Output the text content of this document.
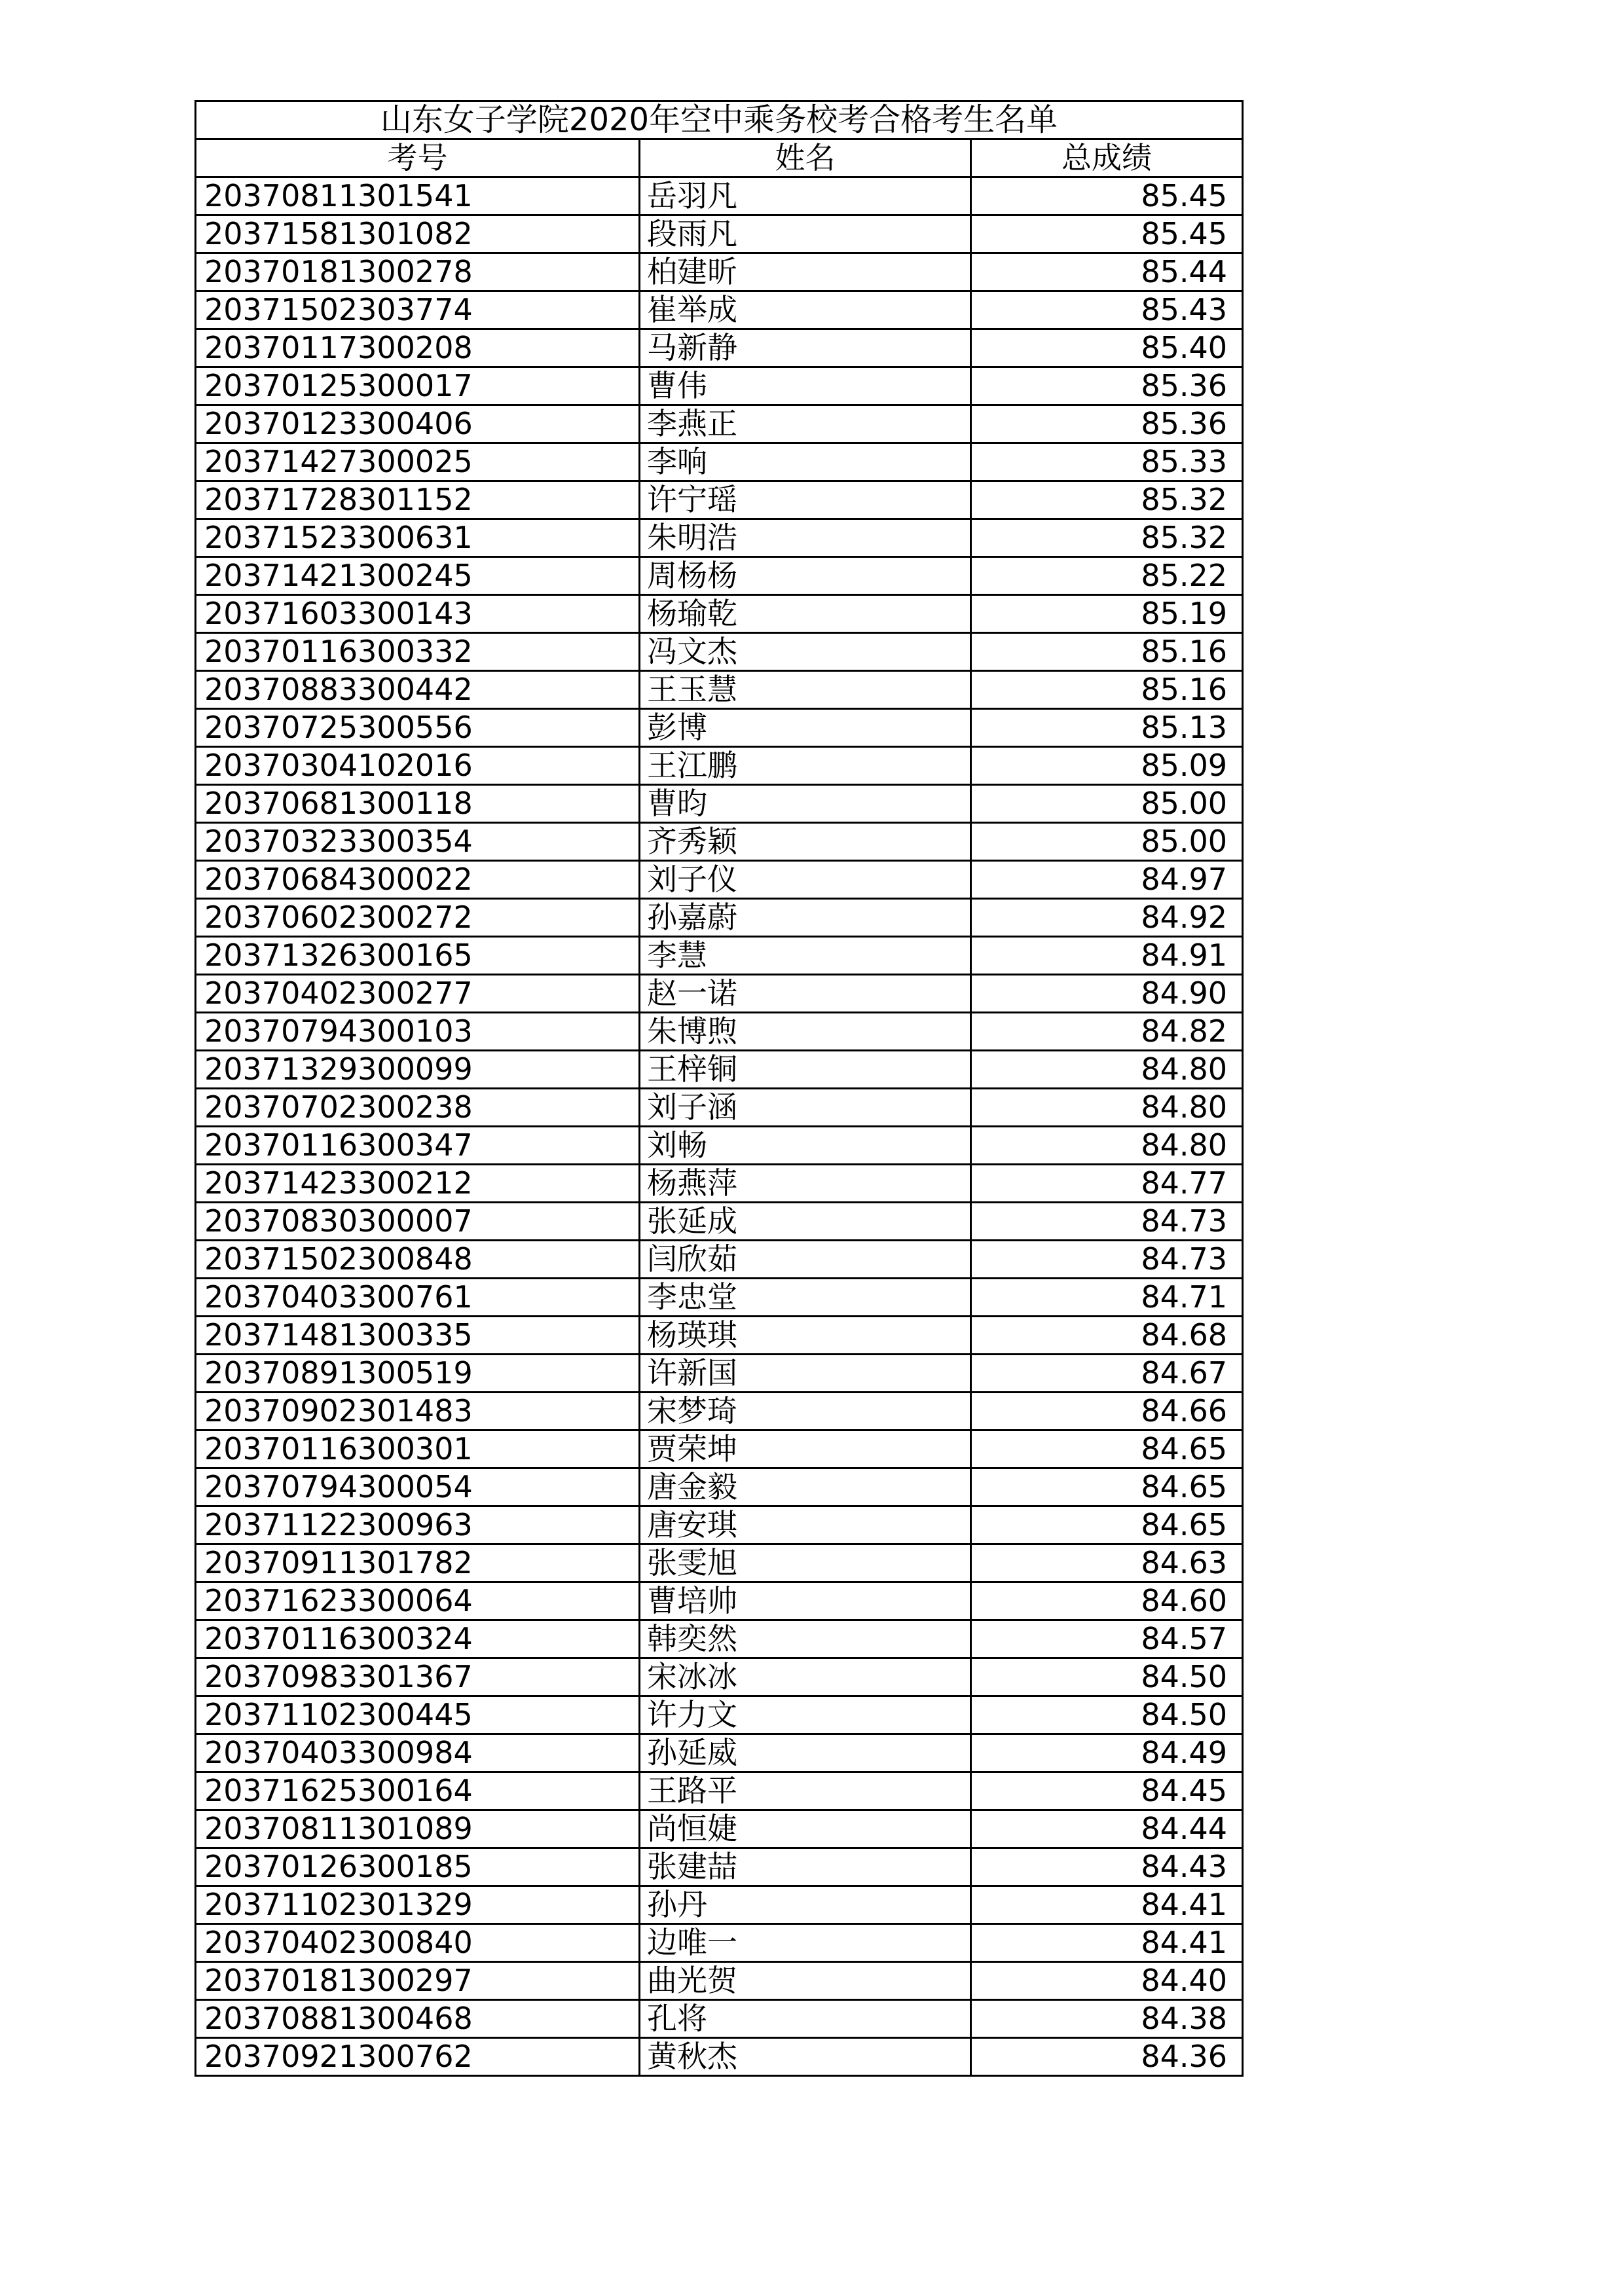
山东女子学院2020年空中乘务校考合格考生名单		
考号	姓名	总成绩
20370811301541	岳羽凡	85.45
20371581301082	段雨凡	85.45
20370181300278	柏建昕	85.44
20371502303774	崔举成	85.43
20370117300208	马新静	85.40
20370125300017	曹伟	85.36
20370123300406	李燕正	85.36
20371427300025	李响	85.33
20371728301152	许宁瑶	85.32
20371523300631	朱明浩	85.32
20371421300245	周杨杨	85.22
20371603300143	杨瑜乾	85.19
20370116300332	冯文杰	85.16
20370883300442	王玉慧	85.16
20370725300556	彭博	85.13
20370304102016	王江鹏	85.09
20370681300118	曹昀	85.00
20370323300354	齐秀颖	85.00
20370684300022	刘子仪	84.97
20370602300272	孙嘉蔚	84.92
20371326300165	李慧	84.91
20370402300277	赵一诺	84.90
20370794300103	朱博煦	84.82
20371329300099	王梓铜	84.80
20370702300238	刘子涵	84.80
20370116300347	刘畅	84.80
20371423300212	杨燕萍	84.77
20370830300007	张延成	84.73
20371502300848	闫欣茹	84.73
20370403300761	李忠堂	84.71
20371481300335	杨瑛琪	84.68
20370891300519	许新国	84.67
20370902301483	宋梦琦	84.66
20370116300301	贾荣坤	84.65
20370794300054	唐金毅	84.65
20371122300963	唐安琪	84.65
20370911301782	张雯旭	84.63
20371623300064	曹培帅	84.60
20370116300324	韩奕然	84.57
20370983301367	宋冰冰	84.50
20371102300445	许力文	84.50
20370403300984	孙延威	84.49
20371625300164	王路平	84.45
20370811301089	尚恒婕	84.44
20370126300185	张建喆	84.43
20371102301329	孙丹	84.41
20370402300840	边唯一	84.41
20370181300297	曲光贺	84.40
20370881300468	孔将	84.38
20370921300762	黄秋杰	84.36
